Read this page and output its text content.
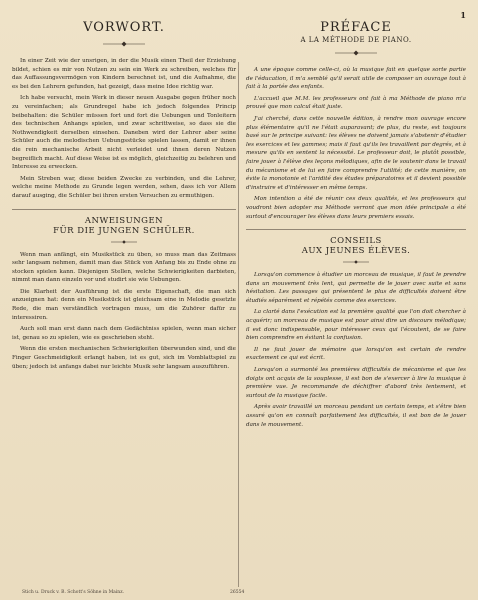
1
VORWORT.

In einer Zeit wie der unsrigen, in der die Musik einen Theil der Erziehung bildet, schien es mir von Nutzen zu sein ein Werk zu schreiben, welches für das Auffassungsvermögen von Kindern berechnet ist, und die Aufnahme, die es bei den Lehrern gefunden, hat gezeigt, dass meine Idee richtig war.

Ich habe versucht, mein Werk in dieser neuen Ausgabe gegen früher noch zu vereinfachen; als Grundregel habe ich jedoch folgendes Princip beibehalten: die Schüler müssen fort und fort die Uebungen und Tonleitern des technischen Anhangs spielen, und zwar schrittweise, so dass sie die Nothwendigkeit derselben einsehen. Daneben wird der Lehrer aber seine Schüler auch die melodischen Uebungsstücke spielen lassen, damit er ihnen die rein mechanische Arbeit nicht verleidet und ihnen deren Nutzen begreiflich macht. Auf diese Weise ist es möglich, gleichzeitig zu belehren und Interesse zu erwecken.

Mein Streben war, diese beiden Zwecke zu verbinden, und die Lehrer, welche meine Methode zu Grunde legen werden, sehen, dass ich vor Allem darauf ausging, die Schüler bei ihren ersten Versuchen zu ermuthigen.

ANWEISUNGEN
FÜR DIE JUNGEN SCHÜLER.

Wenn man anfängt, ein Musikstück zu üben, so muss man das Zeitmass sehr langsam nehmen, damit man das Stück von Anfang bis zu Ende ohne zu stocken spielen kann. Diejenigen Stellen, welche Schwierigkeiten darbieten, nimmt man dann einzeln vor und studirt sie wie Uebungen.

Die Klarheit der Ausführung ist die erste Eigenschaft, die man sich anzueignen hat: denn ein Musikstück ist gleichsam eine in Melodie gesetzte Rede, die man verständlich vortragen muss, um die Zuhörer dafür zu interessiren.

Auch soll man erst dann nach dem Gedächtniss spielen, wenn man sicher ist, genau so zu spielen, wie es geschrieben steht.

Wenn die ersten mechanischen Schwierigkeiten überwunden sind, und die Finger Geschmeidigkeit erlangt haben, ist es gut, sich im Vomblattspiel zu üben; jedoch ist anfangs dabei nur leichte Musik sehr langsam auszuführen.

PRÉFACE
A LA MÉTHODE DE PIANO.

A une époque comme celle-ci, où la musique fait en quelque sorte partie de l'éducation, il m'a semblé qu'il serait utile de composer un ouvrage tout à fait à la portée des enfants.

L'accueil que M.M. les professeurs ont fait à ma Méthode de piano m'a prouvé que mon calcul était juste.

J'ai cherché, dans cette nouvelle édition, à rendre mon ouvrage encore plus élémentaire qu'il ne l'était auparavant; de plus, du reste, est toujours basé sur le principe suivant: les élèves ne doivent jamais s'abstenir d'étudier les exercices et les gammes; mais il faut qu'ils les travaillent par degrés, et à mesure qu'ils en sentent la nécessité. Le professeur doit, le plutôt possible, faire jouer à l'élève des leçons mélodiques, afin de le soutenir dans le travail du mécanisme et de lui en faire comprendre l'utilité; de cette manière, on évite la monotonie et l'aridité des études préparatoires et il devient possible d'instruire et d'intéresser en même temps.

Mon intention a été de réunir ces deux qualités, et les professeurs qui voudront bien adopter ma Méthode verront que mon idée principale a été surtout d'encourager les élèves dans leurs premiers essais.

CONSEILS
AUX JEUNES ÉLÈVES.

Lorsqu'on commence à étudier un morceau de musique, il faut le prendre dans un mouvement très lent, qui permette de le jouer avec suite et sans hésitation. Les passages qui présentent le plus de difficultés doivent être étudiés séparément et répétés comme des exercices.

La clarté dans l'exécution est la première qualité que l'on doit chercher à acquérir; un morceau de musique est pour ainsi dire un discours mélodique; il est donc indispensable, pour intéresser ceux qui l'écoutent, de se faire bien comprendre en évitant la confusion.

Il ne faut jouer de mémoire que lorsqu'on est certain de rendre exactement ce qui est écrit.

Lorsqu'on a surmonté les premières difficultés de mécanisme et que les doigts ont acquis de la souplesse, il est bon de s'exercer à lire la musique à première vue. Je recommande de déchiffrer d'abord très lentement, et surtout de la musique facile.

Après avoir travaillé un morceau pendant un certain temps, et s'être bien assuré qu'on en connaît parfaitement les difficultés, il est bon de le jouer dans le mouvement.

Stich u. Druck v. B. Schott's Söhne in Mainz.	26554
